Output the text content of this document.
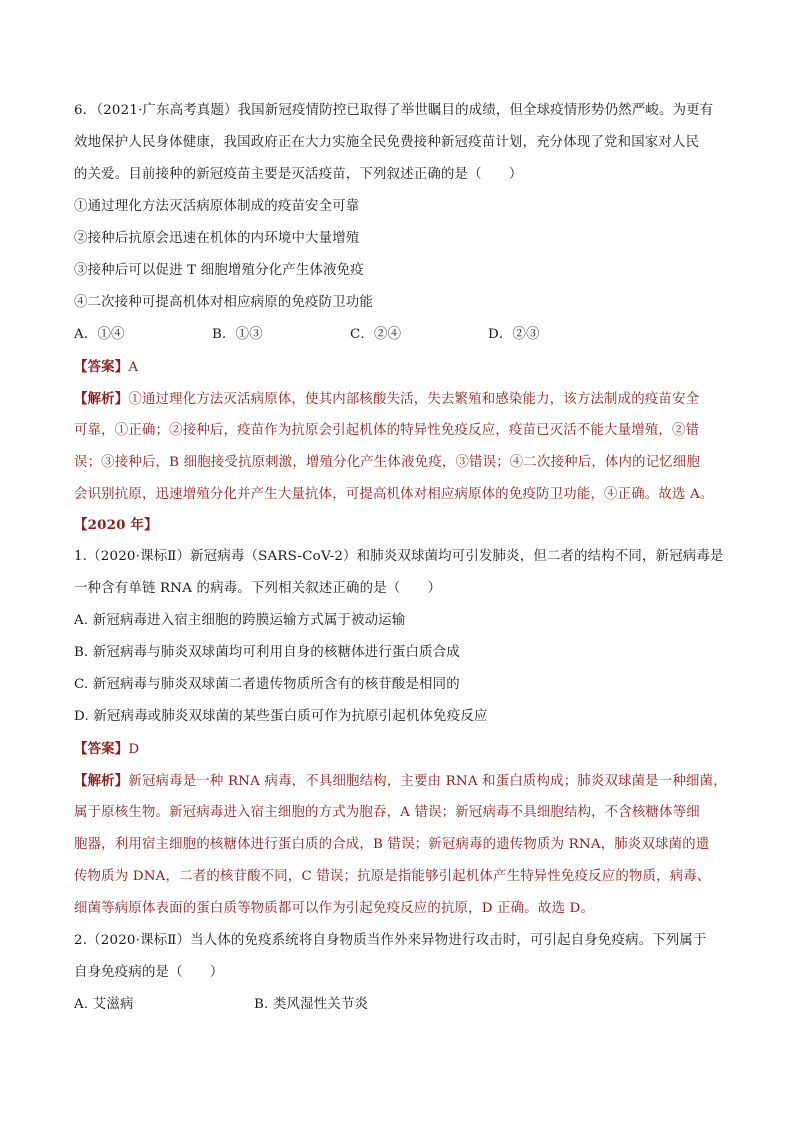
6．（2021·广东高考真题）我国新冠疫情防控已取得了举世瞩目的成绩，但全球疫情形势仍然严峻。为更有
效地保护人民身体健康，我国政府正在大力实施全民免费接种新冠疫苗计划，充分体现了党和国家对人民
的关爱。目前接种的新冠疫苗主要是灭活疫苗，下列叙述正确的是（　　）
①通过理化方法灭活病原体制成的疫苗安全可靠
②接种后抗原会迅速在机体的内环境中大量增殖
③接种后可以促进 T 细胞增殖分化产生体液免疫
④二次接种可提高机体对相应病原的免疫防卫功能
A．①④	B．①③	C．②④	D．②③
【答案】A
【解析】①通过理化方法灭活病原体，使其内部核酸失活，失去繁殖和感染能力，该方法制成的疫苗安全
可靠，①正确；②接种后，疫苗作为抗原会引起机体的特异性免疫反应，疫苗已灭活不能大量增殖，②错
误；③接种后，B 细胞接受抗原刺激，增殖分化产生体液免疫，③错误；④二次接种后，体内的记忆细胞
会识别抗原，迅速增殖分化并产生大量抗体，可提高机体对相应病原体的免疫防卫功能，④正确。故选 A。
【2020 年】
1.（2020·课标Ⅱ）新冠病毒（SARS-CoV-2）和肺炎双球菌均可引发肺炎，但二者的结构不同，新冠病毒是
一种含有单链 RNA 的病毒。下列相关叙述正确的是（　　）
A. 新冠病毒进入宿主细胞的跨膜运输方式属于被动运输
B. 新冠病毒与肺炎双球菌均可利用自身的核糖体进行蛋白质合成
C. 新冠病毒与肺炎双球菌二者遗传物质所含有的核苷酸是相同的
D. 新冠病毒或肺炎双球菌的某些蛋白质可作为抗原引起机体免疫反应
【答案】D
【解析】新冠病毒是一种 RNA 病毒，不具细胞结构，主要由 RNA 和蛋白质构成；肺炎双球菌是一种细菌，
属于原核生物。新冠病毒进入宿主细胞的方式为胞吞，A 错误；新冠病毒不具细胞结构，不含核糖体等细
胞器，利用宿主细胞的核糖体进行蛋白质的合成，B 错误；新冠病毒的遗传物质为 RNA，肺炎双球菌的遗
传物质为 DNA，二者的核苷酸不同，C 错误；抗原是指能够引起机体产生特异性免疫反应的物质，病毒、
细菌等病原体表面的蛋白质等物质都可以作为引起免疫反应的抗原，D 正确。故选 D。
2.（2020·课标Ⅱ）当人体的免疫系统将自身物质当作外来异物进行攻击时，可引起自身免疫病。下列属于
自身免疫病的是（　　）
A. 艾滋病	B. 类风湿性关节炎
